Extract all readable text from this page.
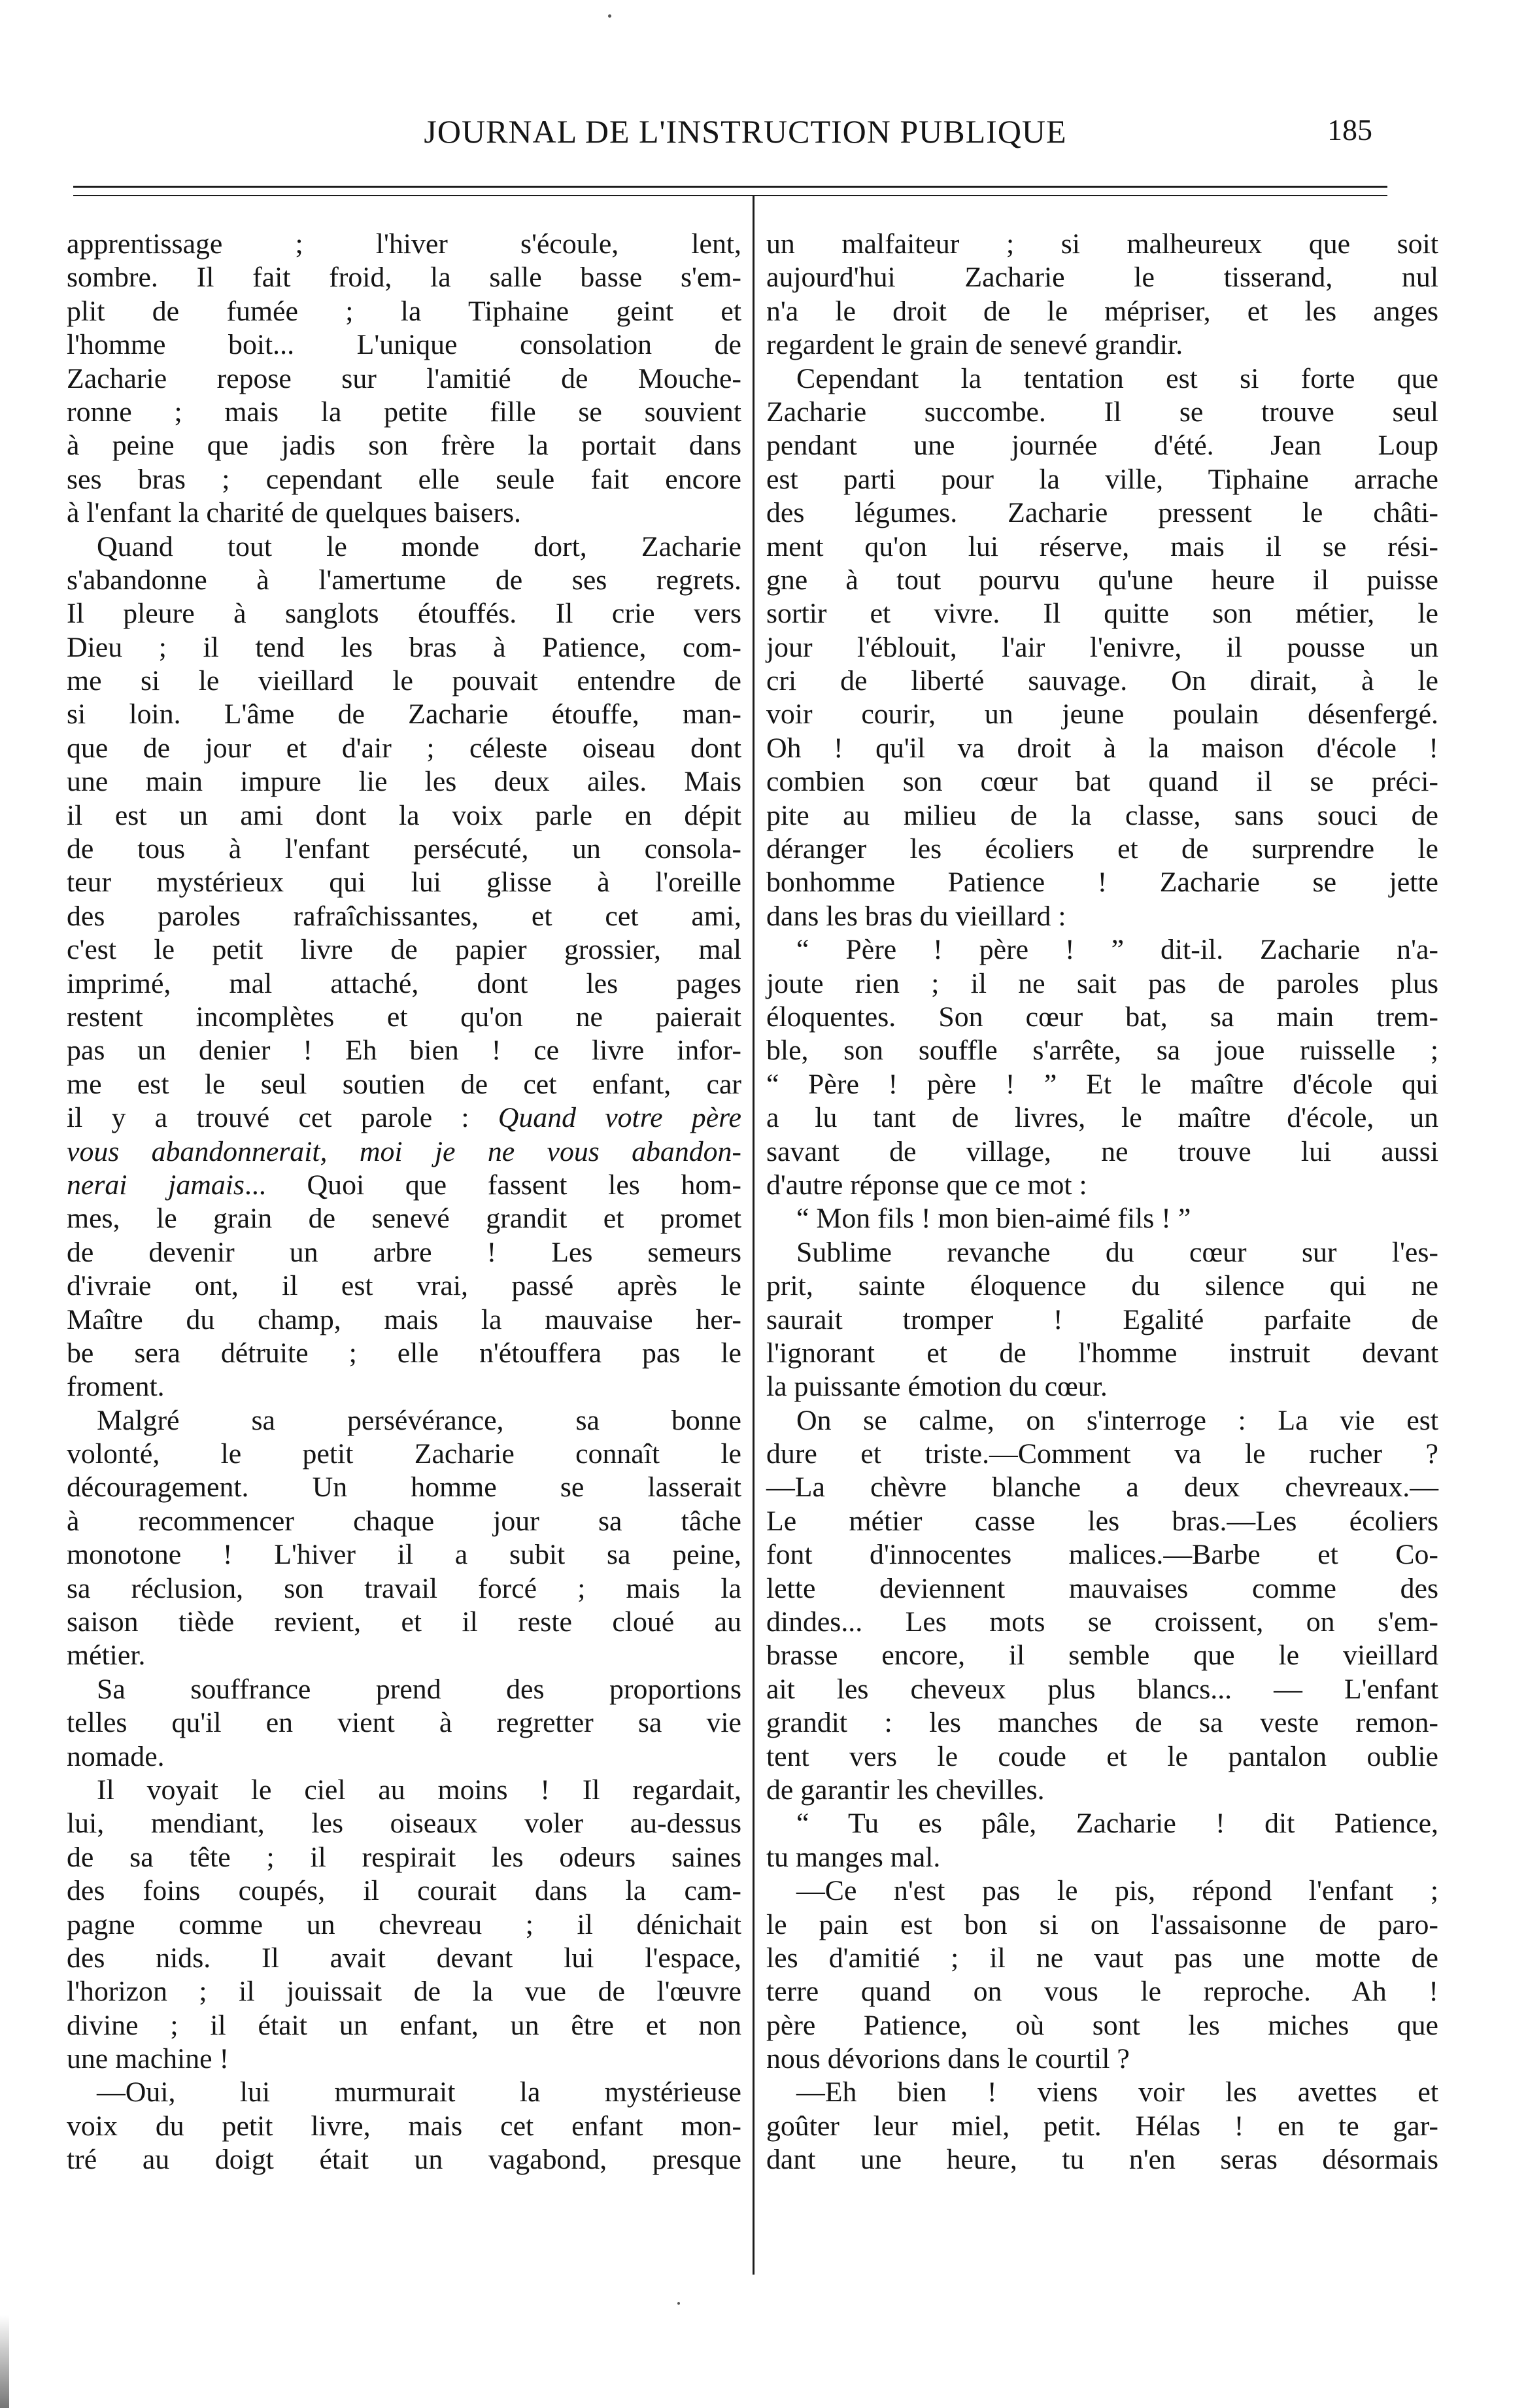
JOURNAL DE L'INSTRUCTION PUBLIQUE	185
apprentissage ; l'hiver s'écoule, lent,
sombre. Il fait froid, la salle basse s'em-
plit de fumée ; la Tiphaine geint et
l'homme boit... L'unique consolation de
Zacharie repose sur l'amitié de Mouche-
ronne ; mais la petite fille se souvient
à peine que jadis son frère la portait dans
ses bras ; cependant elle seule fait encore
à l'enfant la charité de quelques baisers.
Quand tout le monde dort, Zacharie
s'abandonne à l'amertume de ses regrets.
Il pleure à sanglots étouffés. Il crie vers
Dieu ; il tend les bras à Patience, com-
me si le vieillard le pouvait entendre de
si loin. L'âme de Zacharie étouffe, man-
que de jour et d'air ; céleste oiseau dont
une main impure lie les deux ailes. Mais
il est un ami dont la voix parle en dépit
de tous à l'enfant persécuté, un consola-
teur mystérieux qui lui glisse à l'oreille
des paroles rafraîchissantes, et cet ami,
c'est le petit livre de papier grossier, mal
imprimé, mal attaché, dont les pages
restent incomplètes et qu'on ne paierait
pas un denier ! Eh bien ! ce livre infor-
me est le seul soutien de cet enfant, car
il y a trouvé cet parole : Quand votre père
vous abandonnerait, moi je ne vous abandon-
nerai jamais... Quoi que fassent les hom-
mes, le grain de senevé grandit et promet
de devenir un arbre ! Les semeurs
d'ivraie ont, il est vrai, passé après le
Maître du champ, mais la mauvaise her-
be sera détruite ; elle n'étouffera pas le
froment.
Malgré sa persévérance, sa bonne
volonté, le petit Zacharie connaît le
découragement. Un homme se lasserait
à recommencer chaque jour sa tâche
monotone ! L'hiver il a subit sa peine,
sa réclusion, son travail forcé ; mais la
saison tiède revient, et il reste cloué au
métier.
Sa souffrance prend des proportions
telles qu'il en vient à regretter sa vie
nomade.
Il voyait le ciel au moins ! Il regardait,
lui, mendiant, les oiseaux voler au-dessus
de sa tête ; il respirait les odeurs saines
des foins coupés, il courait dans la cam-
pagne comme un chevreau ; il dénichait
des nids. Il avait devant lui l'espace,
l'horizon ; il jouissait de la vue de l'œuvre
divine ; il était un enfant, un être et non
une machine !
—Oui, lui murmurait la mystérieuse
voix du petit livre, mais cet enfant mon-
tré au doigt était un vagabond, presque
un malfaiteur ; si malheureux que soit
aujourd'hui Zacharie le tisserand, nul
n'a le droit de le mépriser, et les anges
regardent le grain de senevé grandir.
Cependant la tentation est si forte que
Zacharie succombe. Il se trouve seul
pendant une journée d'été. Jean Loup
est parti pour la ville, Tiphaine arrache
des légumes. Zacharie pressent le châti-
ment qu'on lui réserve, mais il se rési-
gne à tout pourvu qu'une heure il puisse
sortir et vivre. Il quitte son métier, le
jour l'éblouit, l'air l'enivre, il pousse un
cri de liberté sauvage. On dirait, à le
voir courir, un jeune poulain désenfergé.
Oh ! qu'il va droit à la maison d'école !
combien son cœur bat quand il se préci-
pite au milieu de la classe, sans souci de
déranger les écoliers et de surprendre le
bonhomme Patience ! Zacharie se jette
dans les bras du vieillard :
“ Père ! père ! ” dit-il. Zacharie n'a-
joute rien ; il ne sait pas de paroles plus
éloquentes. Son cœur bat, sa main trem-
ble, son souffle s'arrête, sa joue ruisselle ;
“ Père ! père ! ” Et le maître d'école qui
a lu tant de livres, le maître d'école, un
savant de village, ne trouve lui aussi
d'autre réponse que ce mot :
“ Mon fils ! mon bien-aimé fils ! ”
Sublime revanche du cœur sur l'es-
prit, sainte éloquence du silence qui ne
saurait tromper ! Egalité parfaite de
l'ignorant et de l'homme instruit devant
la puissante émotion du cœur.
On se calme, on s'interroge : La vie est
dure et triste.—Comment va le rucher ?
—La chèvre blanche a deux chevreaux.—
Le métier casse les bras.—Les écoliers
font d'innocentes malices.—Barbe et Co-
lette deviennent mauvaises comme des
dindes... Les mots se croissent, on s'em-
brasse encore, il semble que le vieillard
ait les cheveux plus blancs... — L'enfant
grandit : les manches de sa veste remon-
tent vers le coude et le pantalon oublie
de garantir les chevilles.
“ Tu es pâle, Zacharie ! dit Patience,
tu manges mal.
—Ce n'est pas le pis, répond l'enfant ;
le pain est bon si on l'assaisonne de paro-
les d'amitié ; il ne vaut pas une motte de
terre quand on vous le reproche. Ah !
père Patience, où sont les miches que
nous dévorions dans le courtil ?
—Eh bien ! viens voir les avettes et
goûter leur miel, petit. Hélas ! en te gar-
dant une heure, tu n'en seras désormais
